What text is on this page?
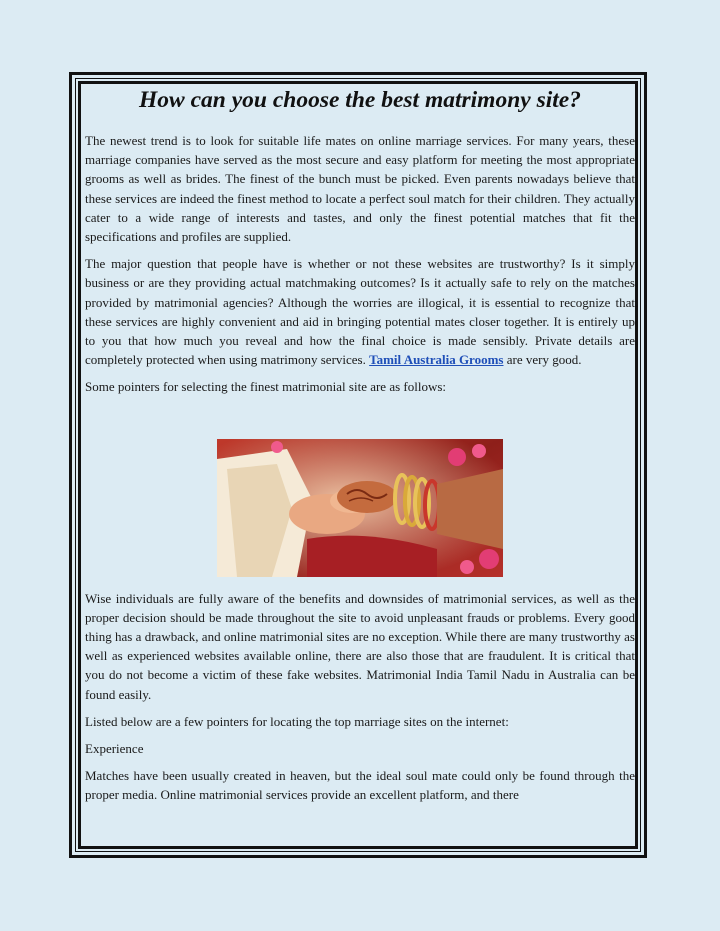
How can you choose the best matrimony site?

The newest trend is to look for suitable life mates on online marriage services. For many years, these marriage companies have served as the most secure and easy platform for meeting the most appropriate grooms as well as brides. The finest of the bunch must be picked. Even parents nowadays believe that these services are indeed the finest method to locate a perfect soul match for their children. They actually cater to a wide range of interests and tastes, and only the finest potential matches that fit the specifications and profiles are supplied.

The major question that people have is whether or not these websites are trustworthy? Is it simply business or are they providing actual matchmaking outcomes? Is it actually safe to rely on the matches provided by matrimonial agencies? Although the worries are illogical, it is essential to recognize that these services are highly convenient and aid in bringing potential mates closer together. It is entirely up to you that how much you reveal and how the final choice is made sensibly. Private details are completely protected when using matrimony services. Tamil Australia Grooms are very good.

Some pointers for selecting the finest matrimonial site are as follows:

Wise individuals are fully aware of the benefits and downsides of matrimonial services, as well as the proper decision should be made throughout the site to avoid unpleasant frauds or problems. Every good thing has a drawback, and online matrimonial sites are no exception. While there are many trustworthy as well as experienced websites available online, there are also those that are fraudulent. It is critical that you do not become a victim of these fake websites. Matrimonial India Tamil Nadu in Australia can be found easily.

Listed below are a few pointers for locating the top marriage sites on the internet:

Experience

Matches have been usually created in heaven, but the ideal soul mate could only be found through the proper media. Online matrimonial services provide an excellent platform, and there
